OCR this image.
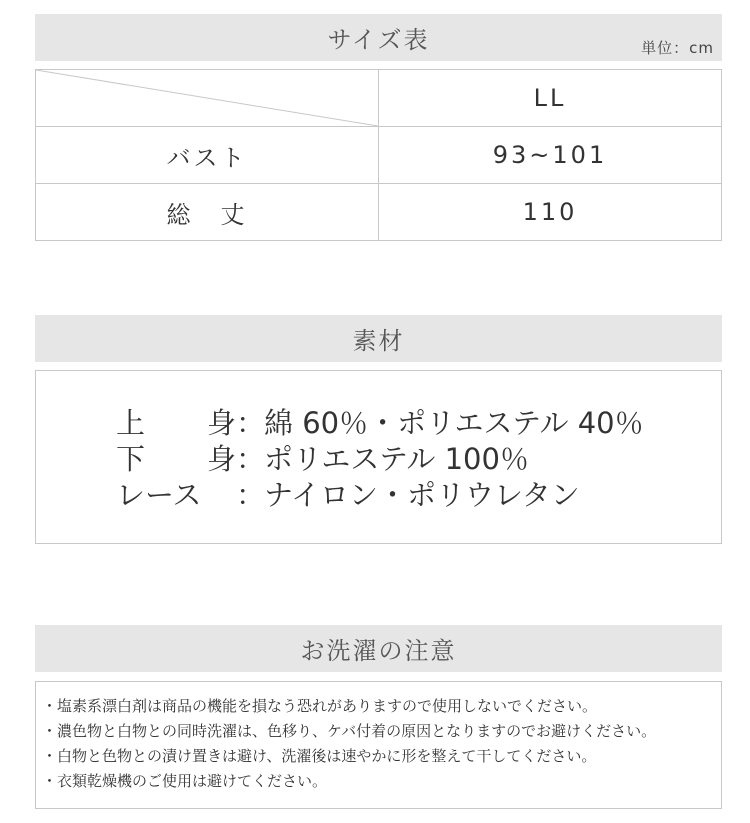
サイズ表	単位：cm
	LL
バスト	93~101
総　丈	110
素材
上 身 ：
綿 60％・ポリエステル 40％
下 身 ：
ポリエステル 100％
レース ：
ナイロン・ポリウレタン
お洗濯の注意
・塩素系漂白剤は商品の機能を損なう恐れがありますので使用しないでください。
・濃色物と白物との同時洗濯は、色移り、ケバ付着の原因となりますのでお避けください。
・白物と色物との漬け置きは避け、洗濯後は速やかに形を整えて干してください。
・衣類乾燥機のご使用は避けてください。
